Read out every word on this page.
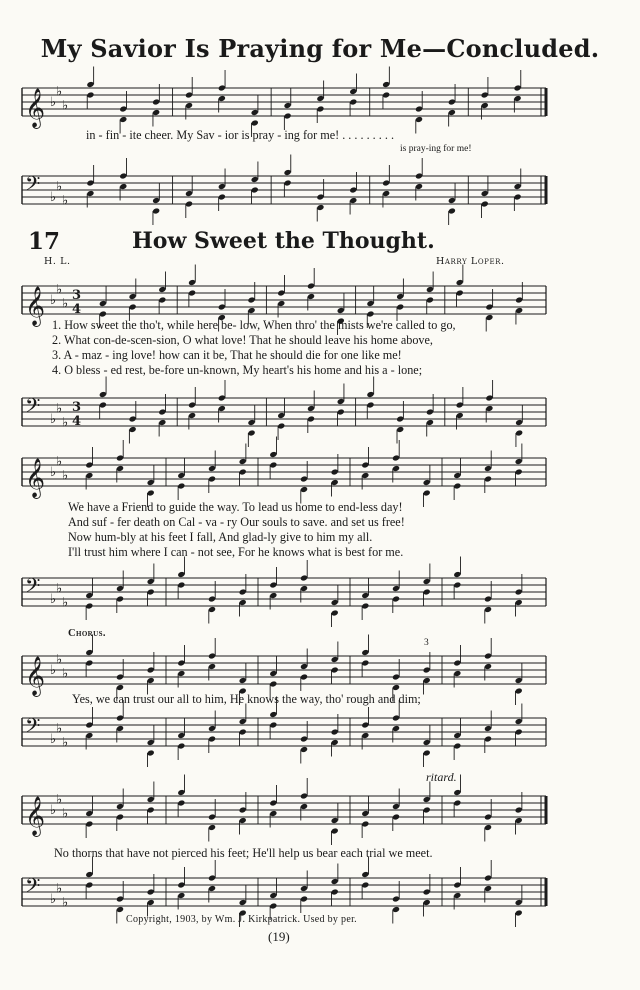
My Savior Is Praying for Me—Concluded.
𝄞 ♭
♭
♭
in - fin - ite cheer. My Sav - ior is pray - ing for me! . . . . . . . . .
is pray-ing for me!
𝄢 ♭
♭
♭
17	How Sweet the Thought.
H. L.	Harry Loper.
𝄞 ♭
♭
♭
3
4
1. How sweet the tho't, while here be- low, When thro' the mists we're called to go,
2. What con-de-scen-sion, O what love! That he should leave his home above,
3. A - maz - ing love! how can it be, That he should die for one like me!
4. O bless - ed rest, be-fore un-known, My heart's his home and his a - lone;
𝄢 ♭
♭
♭
3
4
𝄞 ♭
♭
♭
We have a Friend to guide the way. To lead us home to end-less day!
And suf - fer death on Cal - va - ry Our souls to save. and set us free!
Now hum-bly at his feet I fall, And glad-ly give to him my all.
I'll trust him where I can - not see, For he knows what is best for me.
𝄢 ♭
♭
♭
Chorus.
3
𝄞 ♭
♭
♭
Yes, we can trust our all to him, He knows the way, tho' rough and dim;
𝄢 ♭
♭
♭
ritard.
𝄞 ♭
♭
♭
No thorns that have not pierced his feet; He'll help us bear each trial we meet.
𝄢 ♭
♭
♭
Copyright, 1903, by Wm. J. Kirkpatrick. Used by per.
(19)
